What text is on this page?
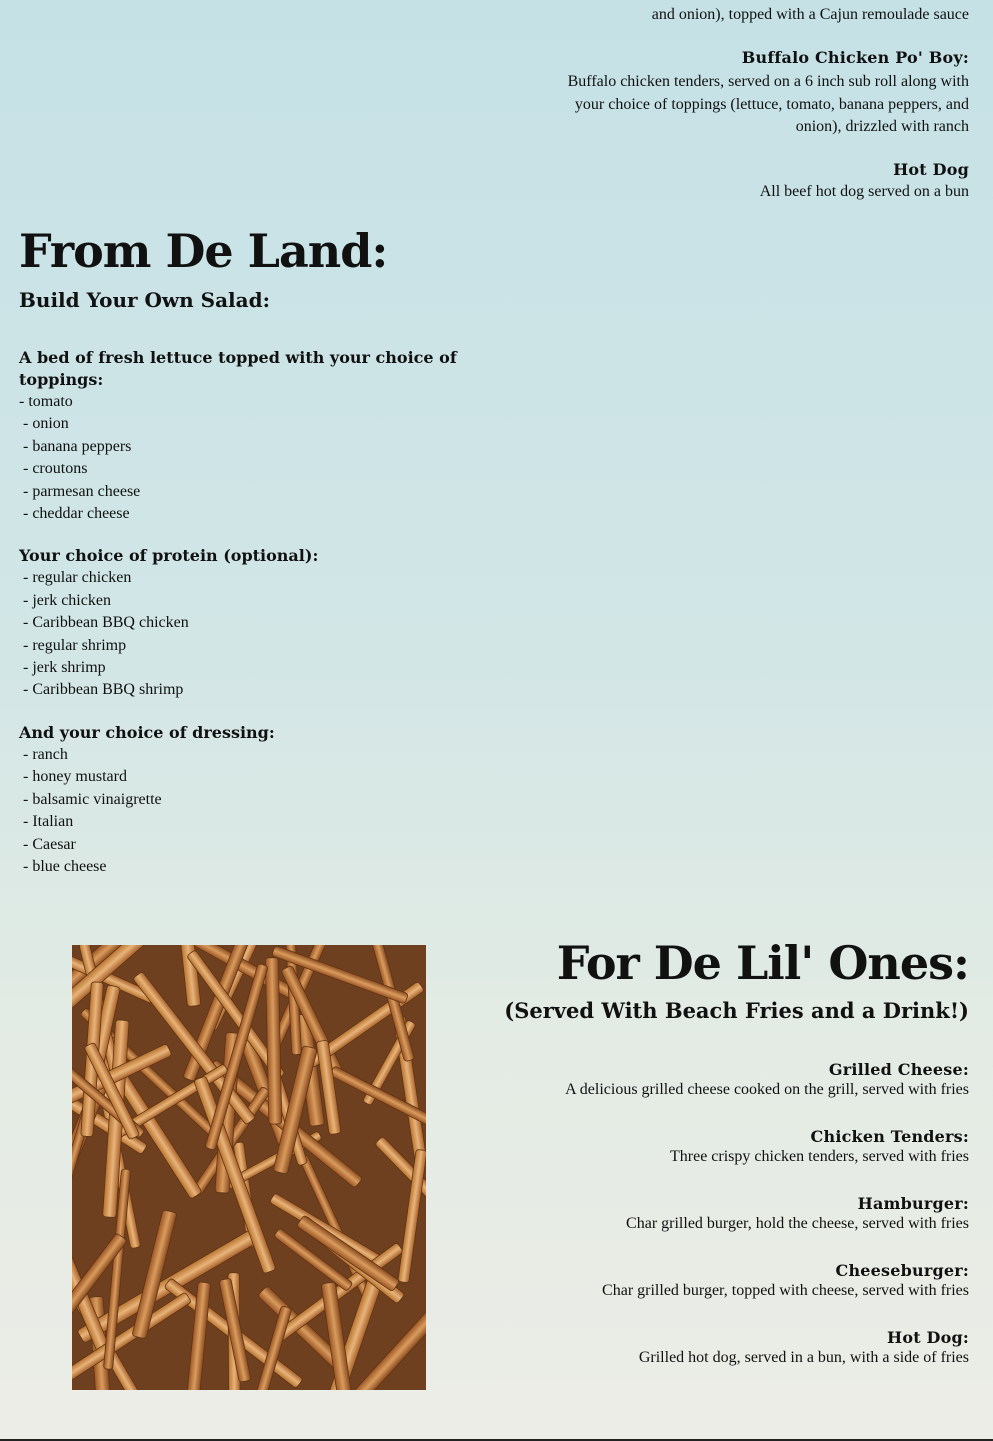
and onion), topped with a Cajun remoulade sauce
Buffalo Chicken Po' Boy:
Buffalo chicken tenders, served on a 6 inch sub roll along with
your choice of toppings (lettuce, tomato, banana peppers, and
onion), drizzled with ranch
Hot Dog
All beef hot dog served on a bun
From De Land:
Build Your Own Salad:
A bed of fresh lettuce topped with your choice of
toppings:
- tomato
- onion
- banana peppers
- croutons
- parmesan cheese
- cheddar cheese
Your choice of protein (optional):
- regular chicken
- jerk chicken
- Caribbean BBQ chicken
- regular shrimp
- jerk shrimp
- Caribbean BBQ shrimp
And your choice of dressing:
- ranch
- honey mustard
- balsamic vinaigrette
- Italian
- Caesar
- blue cheese
For De Lil' Ones:
(Served With Beach Fries and a Drink!)
Grilled Cheese:
A delicious grilled cheese cooked on the grill, served with fries
Chicken Tenders:
Three crispy chicken tenders, served with fries
Hamburger:
Char grilled burger, hold the cheese, served with fries
Cheeseburger:
Char grilled burger, topped with cheese, served with fries
Hot Dog:
Grilled hot dog, served in a bun, with a side of fries
